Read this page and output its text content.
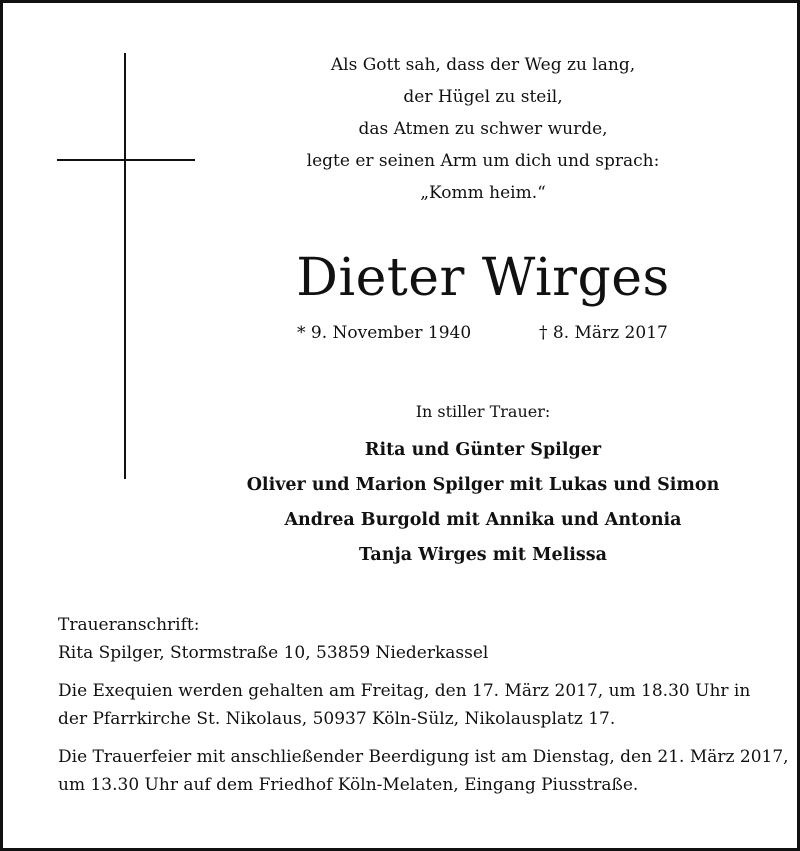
Als Gott sah, dass der Weg zu lang,
der Hügel zu steil,
das Atmen zu schwer wurde,
legte er seinen Arm um dich und sprach:
„Komm heim.“
Dieter Wirges
* 9. November 1940	† 8. März 2017
In stiller Trauer:
Rita und Günter Spilger
Oliver und Marion Spilger mit Lukas und Simon
Andrea Burgold mit Annika und Antonia
Tanja Wirges mit Melissa
Traueranschrift:
Rita Spilger, Stormstraße 10, 53859 Niederkassel
Die Exequien werden gehalten am Freitag, den 17. März 2017, um 18.30 Uhr in
der Pfarrkirche St. Nikolaus, 50937 Köln-Sülz, Nikolausplatz 17.
Die Trauerfeier mit anschließender Beerdigung ist am Dienstag, den 21. März 2017,
um 13.30 Uhr auf dem Friedhof Köln-Melaten, Eingang Piusstraße.
